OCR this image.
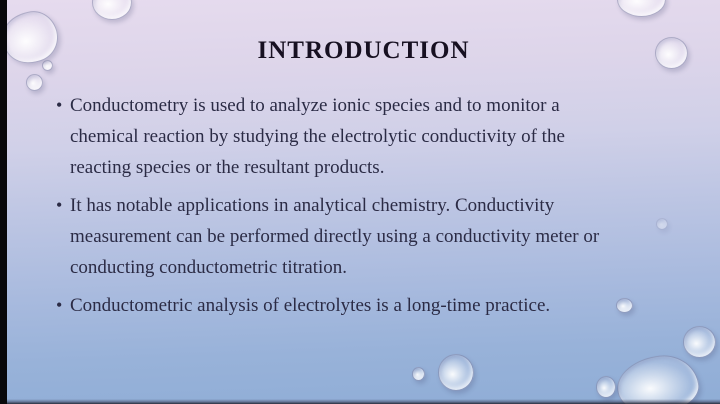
INTRODUCTION
• Conductometry is used to analyze ionic species and to monitor a
chemical reaction by studying the electrolytic conductivity of the
reacting species or the resultant products.
• It has notable applications in analytical chemistry. Conductivity
measurement can be performed directly using a conductivity meter or
conducting conductometric titration.
• Conductometric analysis of electrolytes is a long-time practice.
